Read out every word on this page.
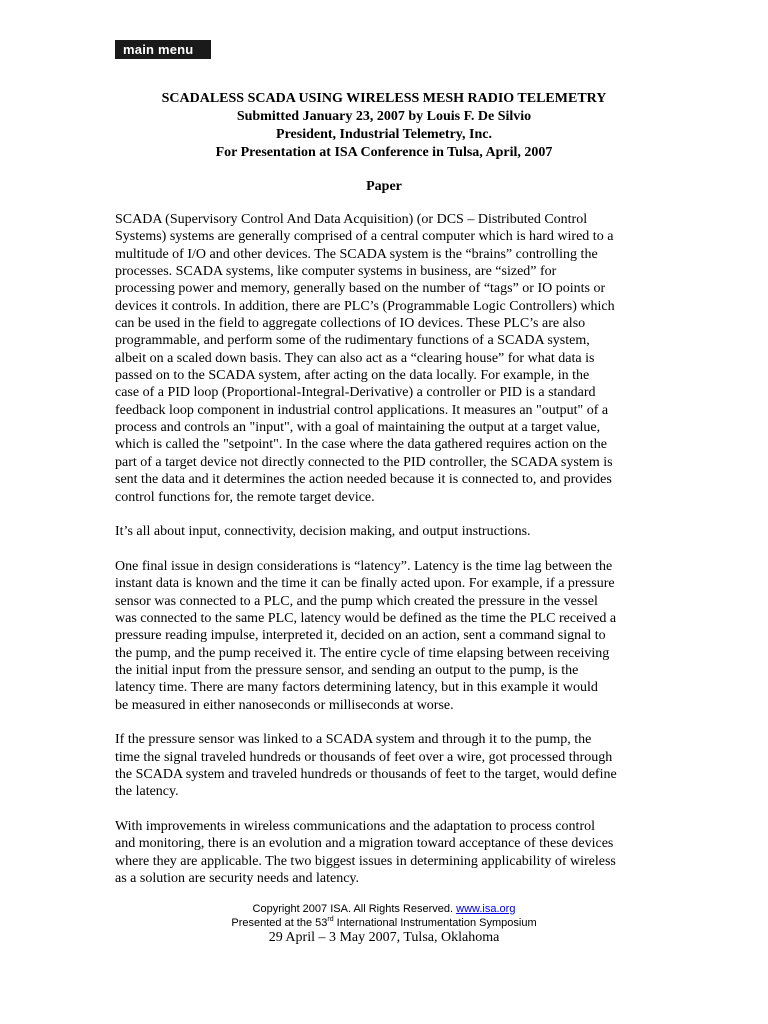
main menu
SCADALESS SCADA USING WIRELESS MESH RADIO TELEMETRY
Submitted January 23, 2007 by Louis F. De Silvio
President, Industrial Telemetry, Inc.
For Presentation at ISA Conference in Tulsa, April, 2007
Paper

SCADA (Supervisory Control And Data Acquisition) (or DCS – Distributed Control
Systems) systems are generally comprised of a central computer which is hard wired to a
multitude of I/O and other devices. The SCADA system is the “brains” controlling the
processes. SCADA systems, like computer systems in business, are “sized” for
processing power and memory, generally based on the number of “tags” or IO points or
devices it controls. In addition, there are PLC’s (Programmable Logic Controllers) which
can be used in the field to aggregate collections of IO devices. These PLC’s are also
programmable, and perform some of the rudimentary functions of a SCADA system,
albeit on a scaled down basis. They can also act as a “clearing house” for what data is
passed on to the SCADA system, after acting on the data locally. For example, in the
case of a PID loop (Proportional-Integral-Derivative) a controller or PID is a standard
feedback loop component in industrial control applications. It measures an "output" of a
process and controls an "input", with a goal of maintaining the output at a target value,
which is called the "setpoint". In the case where the data gathered requires action on the
part of a target device not directly connected to the PID controller, the SCADA system is
sent the data and it determines the action needed because it is connected to, and provides
control functions for, the remote target device.

It’s all about input, connectivity, decision making, and output instructions.

One final issue in design considerations is “latency”. Latency is the time lag between the
instant data is known and the time it can be finally acted upon. For example, if a pressure
sensor was connected to a PLC, and the pump which created the pressure in the vessel
was connected to the same PLC, latency would be defined as the time the PLC received a
pressure reading impulse, interpreted it, decided on an action, sent a command signal to
the pump, and the pump received it. The entire cycle of time elapsing between receiving
the initial input from the pressure sensor, and sending an output to the pump, is the
latency time. There are many factors determining latency, but in this example it would
be measured in either nanoseconds or milliseconds at worse.

If the pressure sensor was linked to a SCADA system and through it to the pump, the
time the signal traveled hundreds or thousands of feet over a wire, got processed through
the SCADA system and traveled hundreds or thousands of feet to the target, would define
the latency.

With improvements in wireless communications and the adaptation to process control
and monitoring, there is an evolution and a migration toward acceptance of these devices
where they are applicable. The two biggest issues in determining applicability of wireless
as a solution are security needs and latency.

Copyright 2007 ISA. All Rights Reserved. www.isa.org
Presented at the 53rd International Instrumentation Symposium
29 April – 3 May 2007, Tulsa, Oklahoma
